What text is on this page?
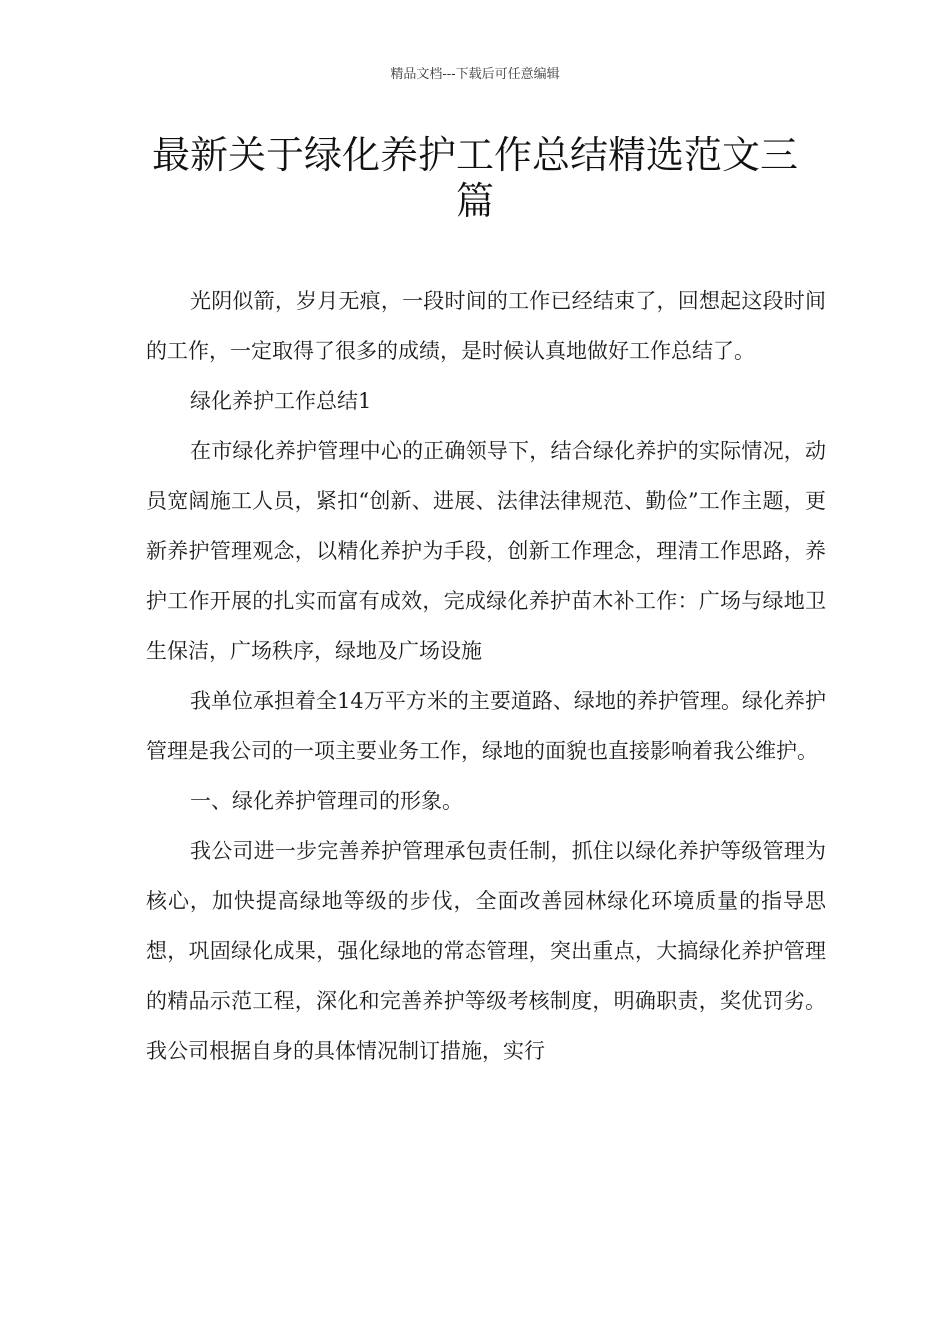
精品文档---下载后可任意编辑
最新关于绿化养护工作总结精选范文三篇

光阴似箭，岁月无痕，一段时间的工作已经结束了，回想起这段时间的工作，一定取得了很多的成绩，是时候认真地做好工作总结了。

绿化养护工作总结1

在市绿化养护管理中心的正确领导下，结合绿化养护的实际情况，动员宽阔施工人员，紧扣“创新、进展、法律法律规范、勤俭”工作主题，更新养护管理观念，以精化养护为手段，创新工作理念，理清工作思路，养护工作开展的扎实而富有成效，完成绿化养护苗木补工作：广场与绿地卫生保洁，广场秩序，绿地及广场设施

我单位承担着全14万平方米的主要道路、绿地的养护管理。绿化养护管理是我公司的一项主要业务工作，绿地的面貌也直接影响着我公维护。

一、绿化养护管理司的形象。

我公司进一步完善养护管理承包责任制，抓住以绿化养护等级管理为核心，加快提高绿地等级的步伐，全面改善园林绿化环境质量的指导思想，巩固绿化成果，强化绿地的常态管理，突出重点，大搞绿化养护管理的精品示范工程，深化和完善养护等级考核制度，明确职责，奖优罚劣。我公司根据自身的具体情况制订措施，实行
